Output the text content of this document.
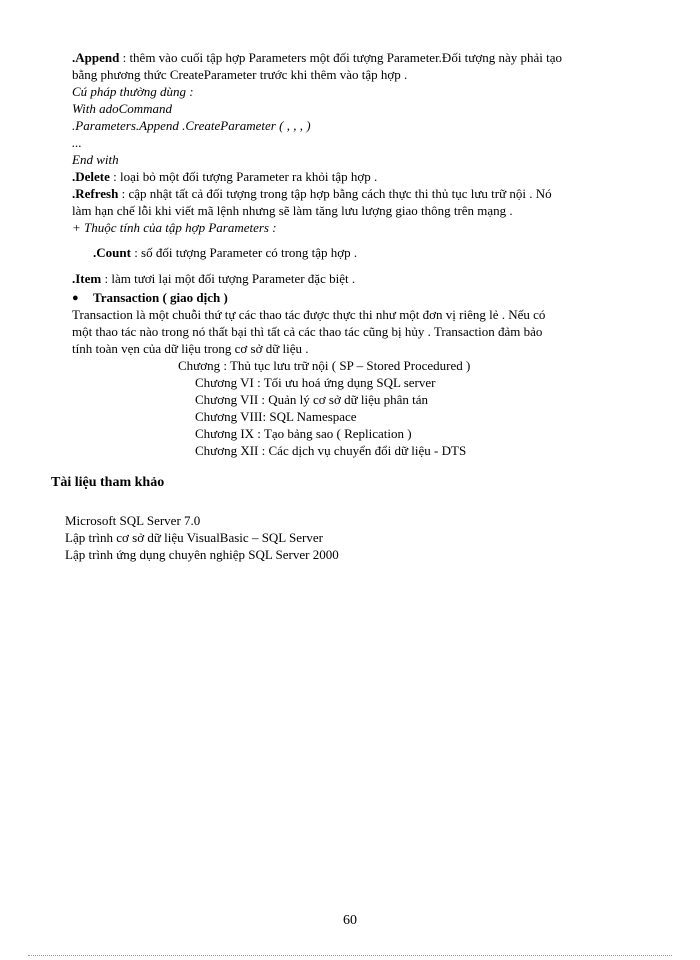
.Append : thêm vào cuối tập hợp Parameters một đối tượng Parameter.Đối tượng này phải tạo
bằng phương thức CreateParameter trước khi thêm vào tập hợp .
Cú pháp thường dùng :
With adoCommand
.Parameters.Append .CreateParameter ( , , , )
...
End with
.Delete : loại bỏ một đối tượng Parameter ra khỏi tập hợp .
.Refresh : cập nhật tất cả đối tượng trong tập hợp bằng cách thực thi thủ tục lưu trữ nội . Nó
làm hạn chế lỗi khi viết mã lệnh nhưng sẽ làm tăng lưu lượng giao thông trên mạng .
+ Thuộc tính của tập hợp Parameters :
.Count : số đối tượng Parameter có trong tập hợp .
.Item : làm tươi lại một đối tượng Parameter đặc biệt .
● Transaction ( giao dịch )
Transaction là một chuỗi thứ tự các thao tác được thực thi như một đơn vị riêng lẻ . Nếu có
một thao tác nào trong nó thất bại thì tất cả các thao tác cũng bị hủy . Transaction đảm bảo
tính toàn vẹn của dữ liệu trong cơ sở dữ liệu .
Chương : Thủ tục lưu trữ nội ( SP – Stored Procedured )
Chương VI : Tối ưu hoá ứng dụng SQL server
Chương VII : Quản lý cơ sở dữ liệu phân tán
Chương VIII: SQL Namespace
Chương IX : Tạo bảng sao ( Replication )
Chương XII : Các dịch vụ chuyển đổi dữ liệu - DTS
Tài liệu tham khảo
Microsoft SQL Server 7.0
Lập trình cơ sở dữ liệu VisualBasic – SQL Server
Lập trình ứng dụng chuyên nghiệp SQL Server 2000
60
